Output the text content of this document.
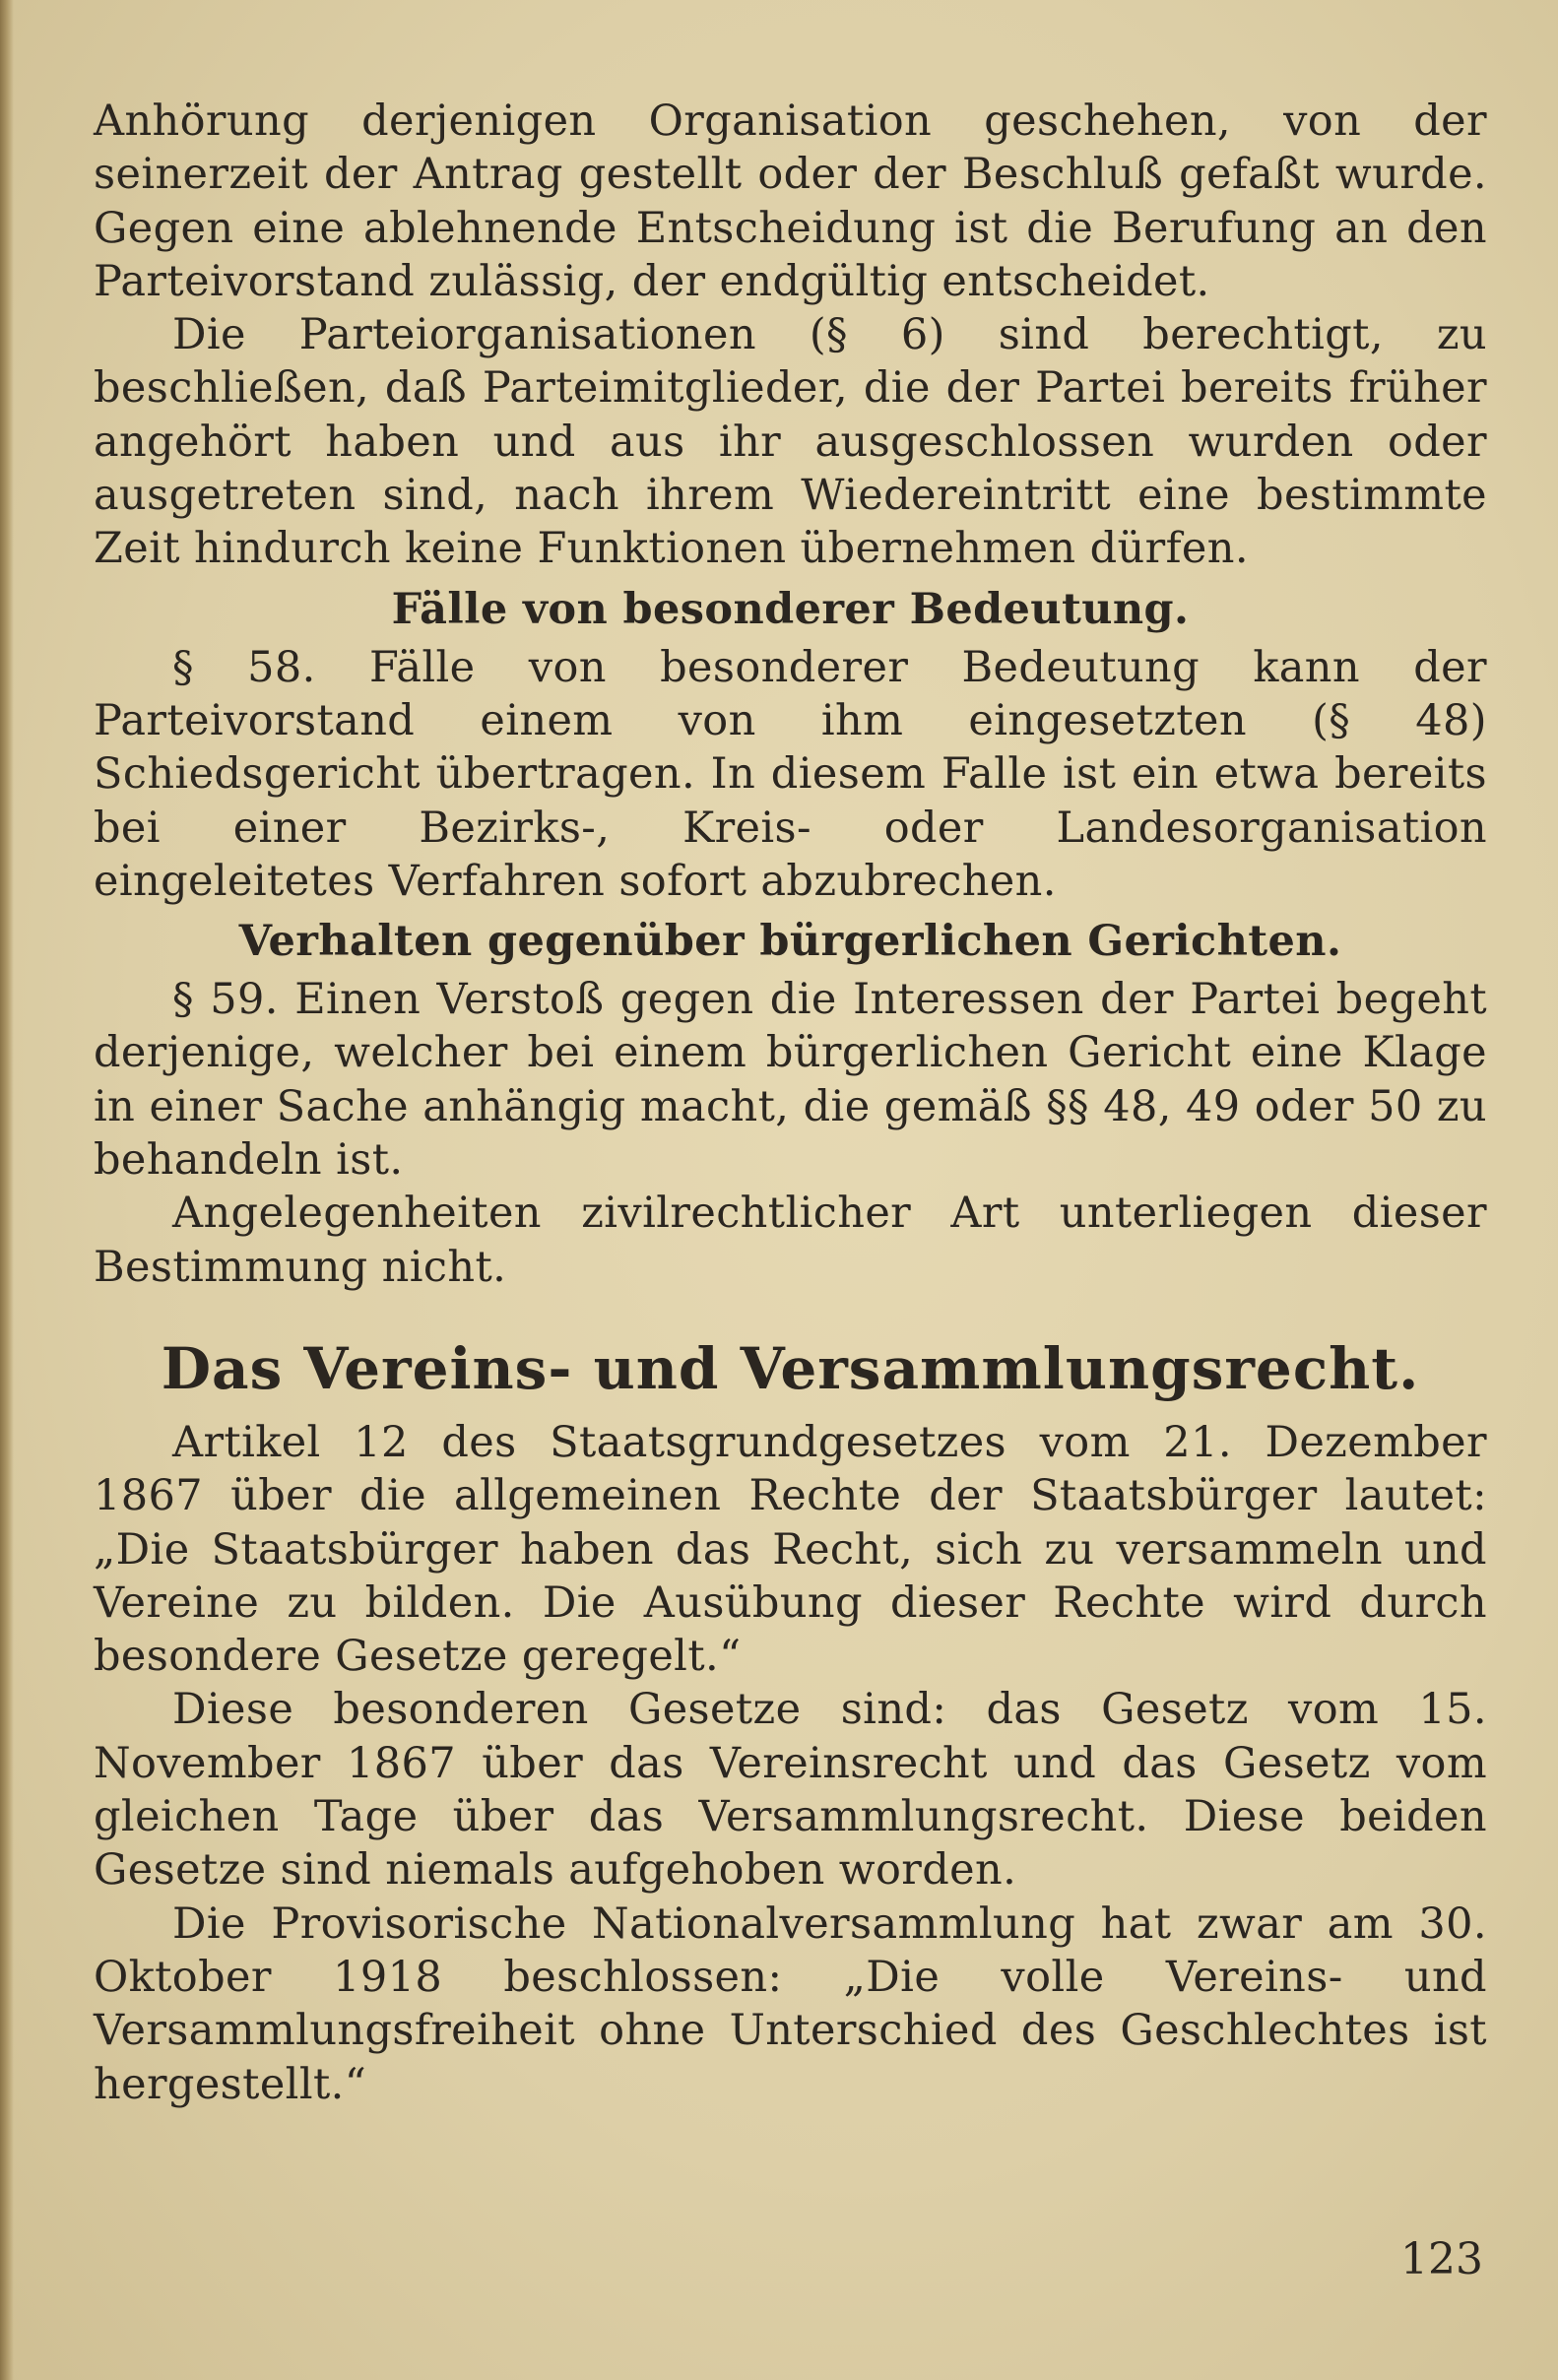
Anhörung derjenigen Organisation geschehen, von der seinerzeit der Antrag gestellt oder der Beschluß gefaßt wurde. Gegen eine ablehnende Entscheidung ist die Berufung an den Parteivorstand zulässig, der endgültig entscheidet.

Die Parteiorganisationen (§ 6) sind berechtigt, zu beschließen, daß Parteimitglieder, die der Partei bereits früher angehört haben und aus ihr ausgeschlossen wurden oder ausgetreten sind, nach ihrem Wiedereintritt eine bestimmte Zeit hindurch keine Funktionen übernehmen dürfen.

Fälle von besonderer Bedeutung.

§ 58. Fälle von besonderer Bedeutung kann der Parteivorstand einem von ihm eingesetzten (§ 48) Schiedsgericht übertragen. In diesem Falle ist ein etwa bereits bei einer Bezirks-, Kreis- oder Landesorganisation eingeleitetes Verfahren sofort abzubrechen.

Verhalten gegenüber bürgerlichen Gerichten.

§ 59. Einen Verstoß gegen die Interessen der Partei begeht derjenige, welcher bei einem bürgerlichen Gericht eine Klage in einer Sache anhängig macht, die gemäß §§ 48, 49 oder 50 zu behandeln ist.

Angelegenheiten zivilrechtlicher Art unterliegen dieser Bestimmung nicht.

Das Vereins- und Versammlungsrecht.

Artikel 12 des Staatsgrundgesetzes vom 21. Dezember 1867 über die allgemeinen Rechte der Staatsbürger lautet: „Die Staatsbürger haben das Recht, sich zu versammeln und Vereine zu bilden. Die Ausübung dieser Rechte wird durch besondere Gesetze geregelt.“

Diese besonderen Gesetze sind: das Gesetz vom 15. November 1867 über das Vereinsrecht und das Gesetz vom gleichen Tage über das Versammlungsrecht. Diese beiden Gesetze sind niemals aufgehoben worden.

Die Provisorische Nationalversammlung hat zwar am 30. Oktober 1918 beschlossen: „Die volle Vereins- und Versammlungsfreiheit ohne Unterschied des Geschlechtes ist hergestellt.“

123
